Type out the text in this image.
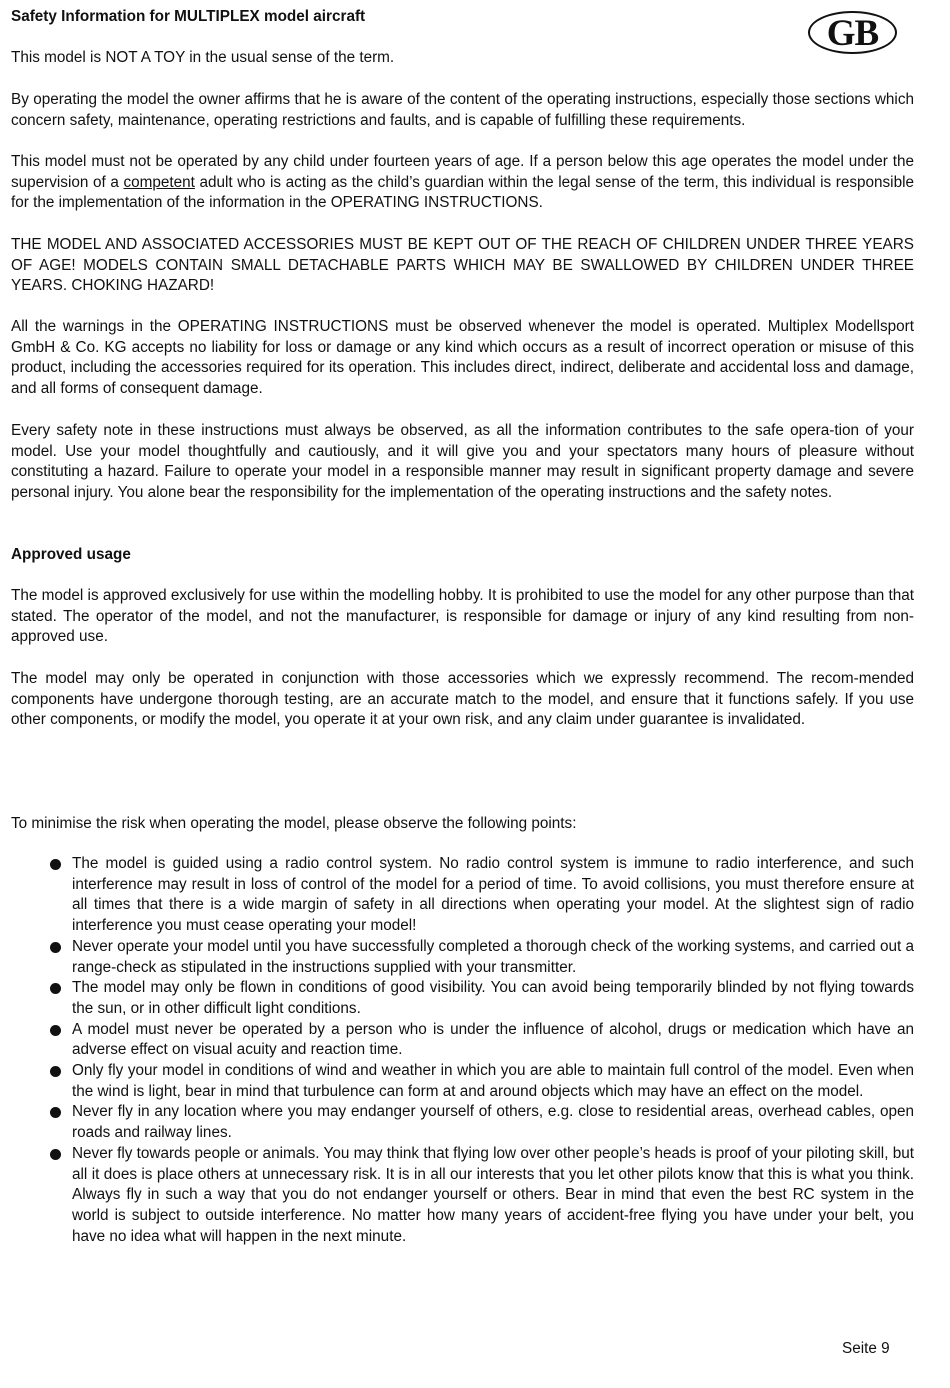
Safety Information for MULTIPLEX model aircraft	GB
This model is NOT A TOY in the usual sense of the term.
By operating the model the owner affirms that he is aware of the content of the operating instructions, especially those sections which concern safety, maintenance, operating restrictions and faults, and is capable of fulfilling these requirements.
This model must not be operated by any child under fourteen years of age. If a person below this age operates the model under the supervision of a competent adult who is acting as the child’s guardian within the legal sense of the term, this individual is responsible for the implementation of the information in the OPERATING INSTRUCTIONS.
THE MODEL AND ASSOCIATED ACCESSORIES MUST BE KEPT OUT OF THE REACH OF CHILDREN UNDER THREE YEARS OF AGE! MODELS CONTAIN SMALL DETACHABLE PARTS WHICH MAY BE SWALLOWED BY CHILDREN UNDER THREE YEARS. CHOKING HAZARD!
All the warnings in the OPERATING INSTRUCTIONS must be observed whenever the model is operated. Multiplex Modellsport GmbH & Co. KG accepts no liability for loss or damage or any kind which occurs as a result of incorrect operation or misuse of this product, including the accessories required for its operation. This includes direct, indirect, deliberate and accidental loss and damage, and all forms of consequent damage.
Every safety note in these instructions must always be observed, as all the information contributes to the safe opera-tion of your model. Use your model thoughtfully and cautiously, and it will give you and your spectators many hours of pleasure without constituting a hazard. Failure to operate your model in a responsible manner may result in significant property damage and severe personal injury. You alone bear the responsibility for the implementation of the operating instructions and the safety notes.
Approved usage
The model is approved exclusively for use within the modelling hobby. It is prohibited to use the model for any other purpose than that stated. The operator of the model, and not the manufacturer, is responsible for damage or injury of any kind resulting from non-approved use.
The model may only be operated in conjunction with those accessories which we expressly recommend. The recom-mended components have undergone thorough testing, are an accurate match to the model, and ensure that it functions safely. If you use other components, or modify the model, you operate it at your own risk, and any claim under guarantee is invalidated.
To minimise the risk when operating the model, please observe the following points:
The model is guided using a radio control system. No radio control system is immune to radio interference, and such interference may result in loss of control of the model for a period of time. To avoid collisions, you must therefore ensure at all times that there is a wide margin of safety in all directions when operating your model. At the slightest sign of radio interference you must cease operating your model!
Never operate your model until you have successfully completed a thorough check of the working systems, and carried out a range-check as stipulated in the instructions supplied with your transmitter.
The model may only be flown in conditions of good visibility. You can avoid being temporarily blinded by not flying towards the sun, or in other difficult light conditions.
A model must never be operated by a person who is under the influence of alcohol, drugs or medication which have an adverse effect on visual acuity and reaction time.
Only fly your model in conditions of wind and weather in which you are able to maintain full control of the model. Even when the wind is light, bear in mind that turbulence can form at and around objects which may have an effect on the model.
Never fly in any location where you may endanger yourself of others, e.g. close to residential areas, overhead cables, open roads and railway lines.
Never fly towards people or animals. You may think that flying low over other people’s heads is proof of your piloting skill, but all it does is place others at unnecessary risk. It is in all our interests that you let other pilots know that this is what you think. Always fly in such a way that you do not endanger yourself or others. Bear in mind that even the best RC system in the world is subject to outside interference. No matter how many years of accident-free flying you have under your belt, you have no idea what will happen in the next minute.
Seite 9
